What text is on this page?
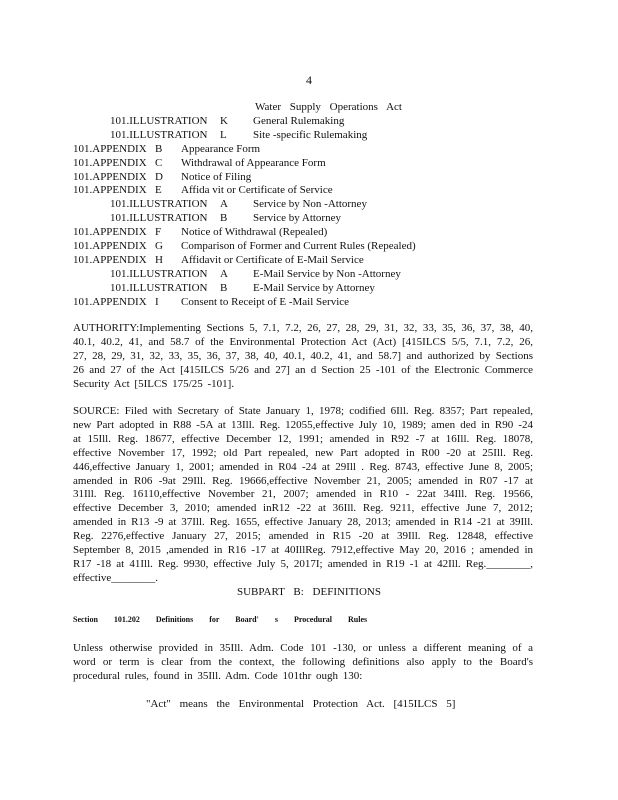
4
Water Supply Operations Act
101.ILLUSTRATION K General Rulemaking
101.ILLUSTRATION L Site -specific Rulemaking
101.APPENDIX B Appearance Form
101.APPENDIX C Withdrawal of Appearance Form
101.APPENDIX D Notice of Filing
101.APPENDIX E Affida vit or Certificate of Service
101.ILLUSTRATION A Service by Non -Attorney
101.ILLUSTRATION B Service by Attorney
101.APPENDIX F Notice of Withdrawal (Repealed)
101.APPENDIX G Comparison of Former and Current Rules (Repealed)
101.APPENDIX H Affidavit or Certificate of E-Mail Service
101.ILLUSTRATION A E-Mail Service by Non -Attorney
101.ILLUSTRATION B E-Mail Service by Attorney
101.APPENDIX I Consent to Receipt of E -Mail Service
AUTHORITY:Implementing Sections 5, 7.1, 7.2, 26, 27, 28, 29, 31, 32, 33, 35, 36, 37, 38, 40, 40.1, 40.2, 41, and 58.7 of the Environmental Protection Act (Act) [415ILCS 5/5, 7.1, 7.2, 26, 27, 28, 29, 31, 32, 33, 35, 36, 37, 38, 40, 40.1, 40.2, 41, and 58.7] and authorized by Sections 26 and 27 of the Act [415ILCS 5/26 and 27] an d Section 25 -101 of the Electronic Commerce Security Act [5ILCS 175/25 -101].
SOURCE: Filed with Secretary of State January 1, 1978; codified 6Ill. Reg. 8357; Part repealed, new Part adopted in R88 -5A at 13Ill. Reg. 12055,effective July 10, 1989; amen ded in R90 -24 at 15Ill. Reg. 18677, effective December 12, 1991; amended in R92 -7 at 16Ill. Reg. 18078, effective November 17, 1992; old Part repealed, new Part adopted in R00 -20 at 25Ill. Reg. 446,effective January 1, 2001; amended in R04 -24 at 29Ill . Reg. 8743, effective June 8, 2005; amended in R06 -9at 29Ill. Reg. 19666,effective November 21, 2005; amended in R07 -17 at 31Ill. Reg. 16110,effective November 21, 2007; amended in R10 - 22at 34Ill. Reg. 19566, effective December 3, 2010; amended inR12 -22 at 36Ill. Reg. 9211, effective June 7, 2012; amended in R13 -9 at 37Ill. Reg. 1655, effective January 28, 2013; amended in R14 -21 at 39Ill. Reg. 2276,effective January 27, 2015; amended in R15 -20 at 39Ill. Reg. 12848, effective September 8, 2015 ,amended in R16 -17 at 40IllReg. 7912,effective May 20, 2016 ; amended in R17 -18 at 41Ill. Reg. 9930, effective July 5, 2017I; amended in R19 -1 at 42Ill. Reg.________, effective________.
SUBPART B: DEFINITIONS
Section 101.202 Definitions for Board' s Procedural Rules
Unless otherwise provided in 35Ill. Adm. Code 101 -130, or unless a different meaning of a word or term is clear from the context, the following definitions also apply to the Board's procedural rules, found in 35Ill. Adm. Code 101thr ough 130:
"Act" means the Environmental Protection Act. [415ILCS 5]
